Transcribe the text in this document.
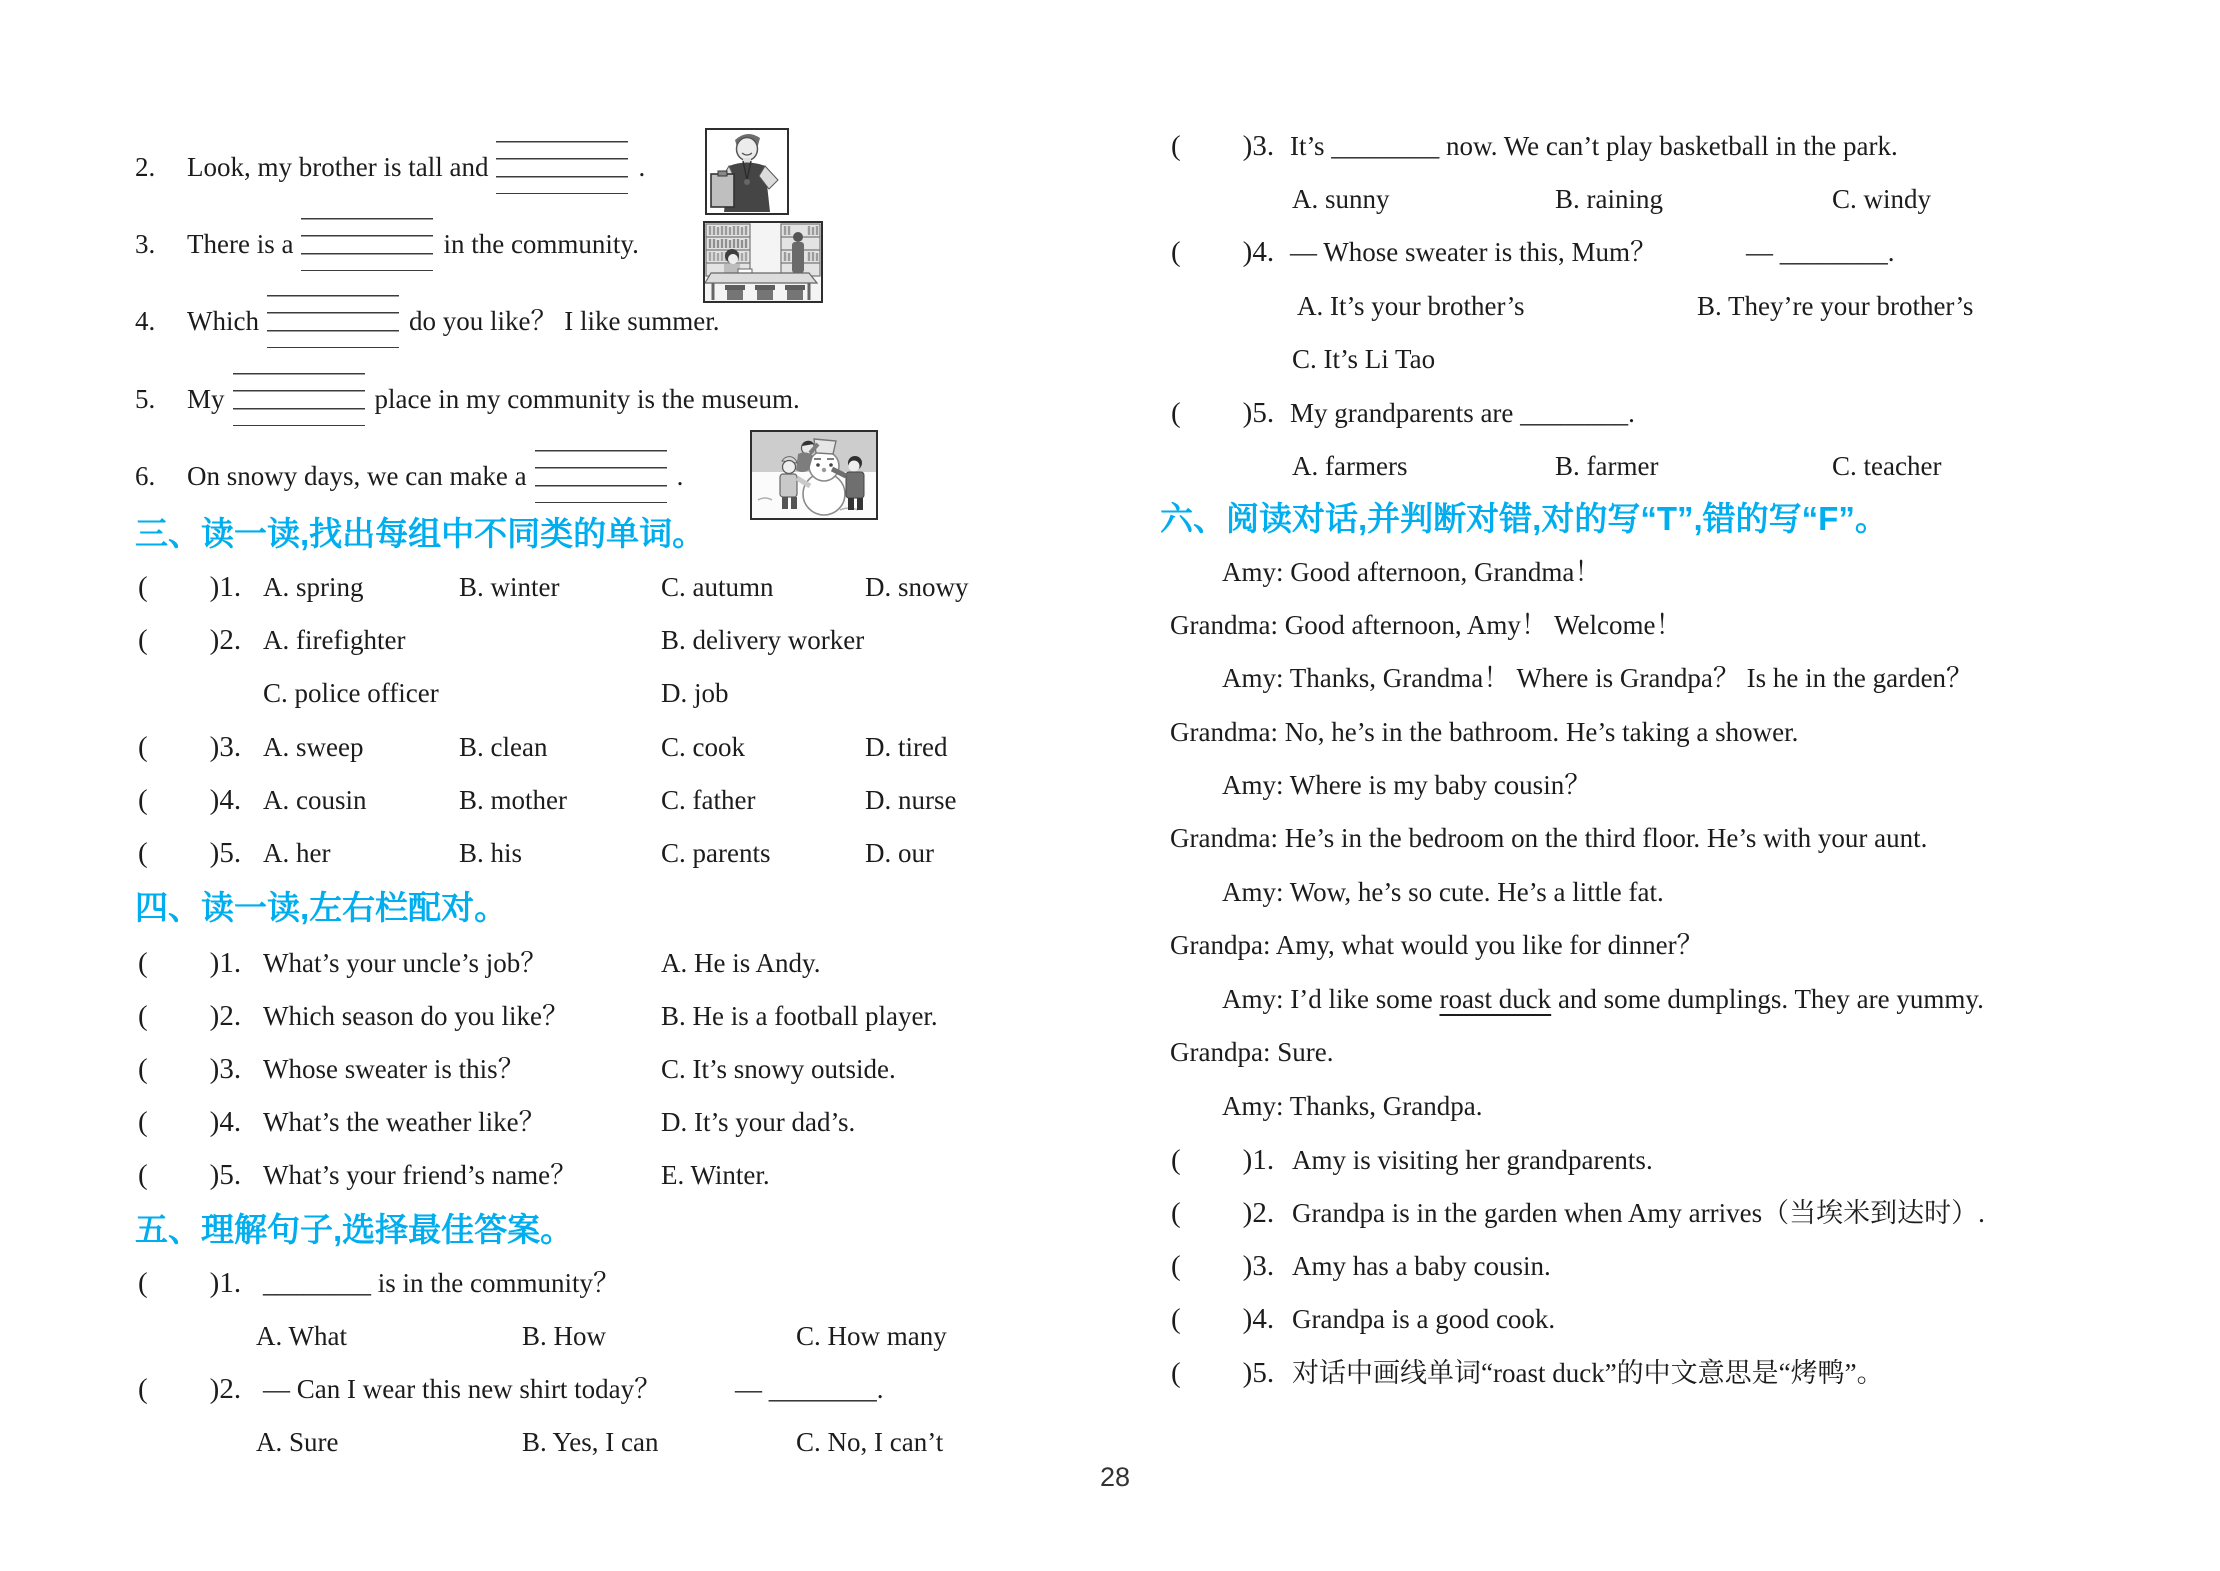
2. Look, my brother is tall and	.
3. There is a	in the community.
4. Which	do you like？ I like summer.
5. My	place in my community is the museum.
6. On snowy days, we can make a	.
三、读一读,找出每组中不同类的单词。
( )1. A. spring	B. winter	C. autumn	D. snowy
( )2. A. firefighter	B. delivery worker
C. police officer	D. job
( )3. A. sweep	B. clean	C. cook	D. tired
( )4. A. cousin	B. mother	C. father	D. nurse
( )5. A. her	B. his	C. parents	D. our
四、读一读,左右栏配对。
( )1. What’s your uncle’s job？	A. He is Andy.
( )2. Which season do you like？	B. He is a football player.
( )3. Whose sweater is this？	C. It’s snowy outside.
( )4. What’s the weather like？	D. It’s your dad’s.
( )5. What’s your friend’s name？	E. Winter.
五、理解句子,选择最佳答案。
( )1. ________ is in the community？
A. What	B. How	C. How many
( )2. — Can I wear this new shirt today？	— ________.
A. Sure	B. Yes, I can	C. No, I can’t
( )3. It’s ________ now. We can’t play basketball in the park.
A. sunny	B. raining	C. windy
( )4. — Whose sweater is this, Mum？	— ________.
A. It’s your brother’s	B. They’re your brother’s
C. It’s Li Tao
( )5. My grandparents are ________.
A. farmers	B. farmer	C. teacher
六、阅读对话,并判断对错,对的写“T”,错的写“F”。
Amy: Good afternoon, Grandma！
Grandma: Good afternoon, Amy！ Welcome！
Amy: Thanks, Grandma！ Where is Grandpa？ Is he in the garden？
Grandma: No, he’s in the bathroom. He’s taking a shower.
Amy: Where is my baby cousin？
Grandma: He’s in the bedroom on the third floor. He’s with your aunt.
Amy: Wow, he’s so cute. He’s a little fat.
Grandpa: Amy, what would you like for dinner？
Amy: I’d like some roast duck and some dumplings. They are yummy.
Grandpa: Sure.
Amy: Thanks, Grandpa.
( )1. Amy is visiting her grandparents.
( )2. Grandpa is in the garden when Amy arrives（当埃米到达时）.
( )3. Amy has a baby cousin.
( )4. Grandpa is a good cook.
( )5. 对话中画线单词“roast duck”的中文意思是“烤鸭”。
28
